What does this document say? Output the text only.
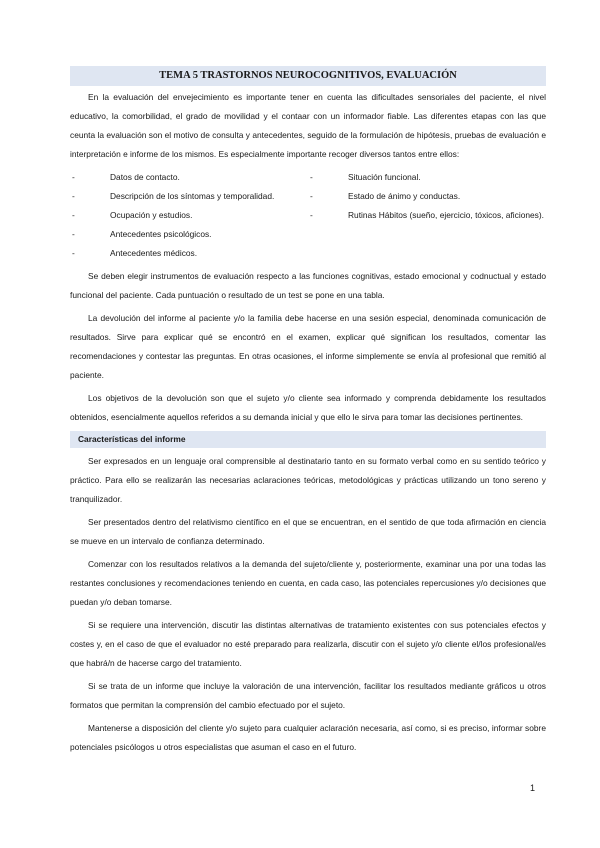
TEMA 5 TRASTORNOS NEUROCOGNITIVOS, EVALUACIÓN

En la evaluación del envejecimiento es importante tener en cuenta las dificultades sensoriales del paciente, el nivel educativo, la comorbilidad, el grado de movilidad y el contaar con un informador fiable. Las diferentes etapas con las que ceunta la evaluación son el motivo de consulta y antecedentes, seguido de la formulación de hipótesis, pruebas de evaluación e interpretación e informe de los mismos. Es especialmente importante recoger diversos tantos entre ellos:

-	Datos de contacto.
-	Descripción de los síntomas y temporalidad.
-	Ocupación y estudios.
-	Antecedentes psicológicos.
-	Antecedentes médicos.
-	Situación funcional.
-	Estado de ánimo y conductas.
-	Rutinas Hábitos (sueño, ejercicio, tóxicos, aficiones).

Se deben elegir instrumentos de evaluación respecto a las funciones cognitivas, estado emocional y codnuctual y estado funcional del paciente. Cada puntuación o resultado de un test se pone en una tabla.

La devolución del informe al paciente y/o la familia debe hacerse en una sesión especial, denominada comunicación de resultados. Sirve para explicar qué se encontró en el examen, explicar qué significan los resultados, comentar las recomendaciones y contestar las preguntas. En otras ocasiones, el informe simplemente se envía al profesional que remitió al paciente.

Los objetivos de la devolución son que el sujeto y/o cliente sea informado y comprenda debidamente los resultados obtenidos, esencialmente aquellos referidos a su demanda inicial y que ello le sirva para tomar las decisiones pertinentes.

Características del informe

Ser expresados en un lenguaje oral comprensible al destinatario tanto en su formato verbal como en su sentido teórico y práctico. Para ello se realizarán las necesarias aclaraciones teóricas, metodológicas y prácticas utilizando un tono sereno y tranquilizador.

Ser presentados dentro del relativismo científico en el que se encuentran, en el sentido de que toda afirmación en ciencia se mueve en un intervalo de confianza determinado.

Comenzar con los resultados relativos a la demanda del sujeto/cliente y, posteriormente, examinar una por una todas las restantes conclusiones y recomendaciones teniendo en cuenta, en cada caso, las potenciales repercusiones y/o decisiones que puedan y/o deban tomarse.

Si se requiere una intervención, discutir las distintas alternativas de tratamiento existentes con sus potenciales efectos y costes y, en el caso de que el evaluador no esté preparado para realizarla, discutir con el sujeto y/o cliente el/los profesional/es que habrá/n de hacerse cargo del tratamiento.

Si se trata de un informe que incluye la valoración de una intervención, facilitar los resultados mediante gráficos u otros formatos que permitan la comprensión del cambio efectuado por el sujeto.

Mantenerse a disposición del cliente y/o sujeto para cualquier aclaración necesaria, así como, si es preciso, informar sobre potenciales psicólogos u otros especialistas que asuman el caso en el futuro.

1
